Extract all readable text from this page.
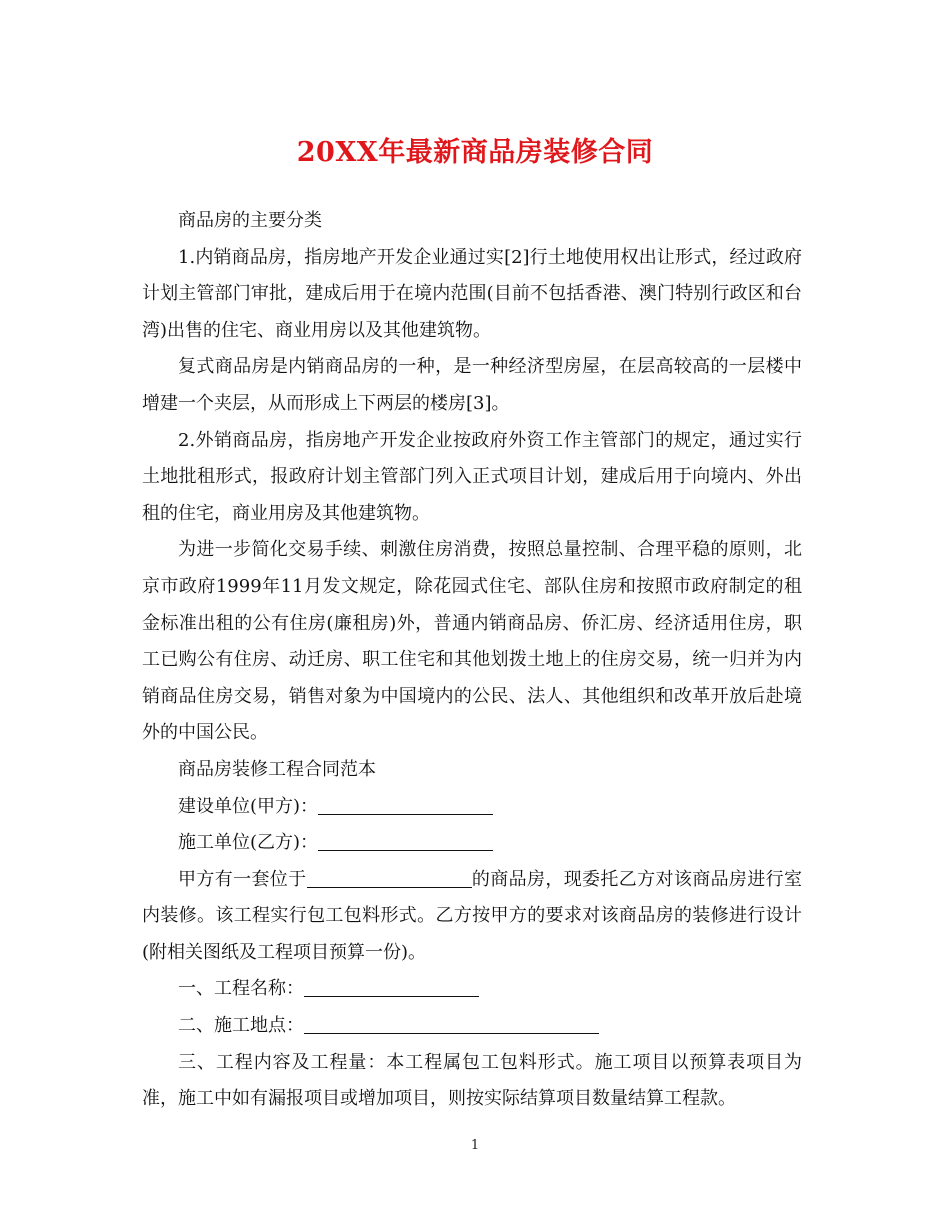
20XX年最新商品房装修合同

商品房的主要分类

1.内销商品房，指房地产开发企业通过实[2]行土地使用权出让形式，经过政府计划主管部门审批，建成后用于在境内范围(目前不包括香港、澳门特别行政区和台湾)出售的住宅、商业用房以及其他建筑物。

复式商品房是内销商品房的一种，是一种经济型房屋，在层高较高的一层楼中增建一个夹层，从而形成上下两层的楼房[3]。

2.外销商品房，指房地产开发企业按政府外资工作主管部门的规定，通过实行土地批租形式，报政府计划主管部门列入正式项目计划，建成后用于向境内、外出租的住宅，商业用房及其他建筑物。

为进一步简化交易手续、刺激住房消费，按照总量控制、合理平稳的原则，北京市政府1999年11月发文规定，除花园式住宅、部队住房和按照市政府制定的租金标准出租的公有住房(廉租房)外，普通内销商品房、侨汇房、经济适用住房，职工已购公有住房、动迁房、职工住宅和其他划拨土地上的住房交易，统一归并为内销商品住房交易，销售对象为中国境内的公民、法人、其他组织和改革开放后赴境外的中国公民。

商品房装修工程合同范本

建设单位(甲方)：

施工单位(乙方)：

甲方有一套位于	的商品房，现委托乙方对该商品房进行室内装修。该工程实行包工包料形式。乙方按甲方的要求对该商品房的装修进行设计(附相关图纸及工程项目预算一份)。

一、工程名称：

二、施工地点：

三、工程内容及工程量：本工程属包工包料形式。施工项目以预算表项目为准，施工中如有漏报项目或增加项目，则按实际结算项目数量结算工程款。

1
